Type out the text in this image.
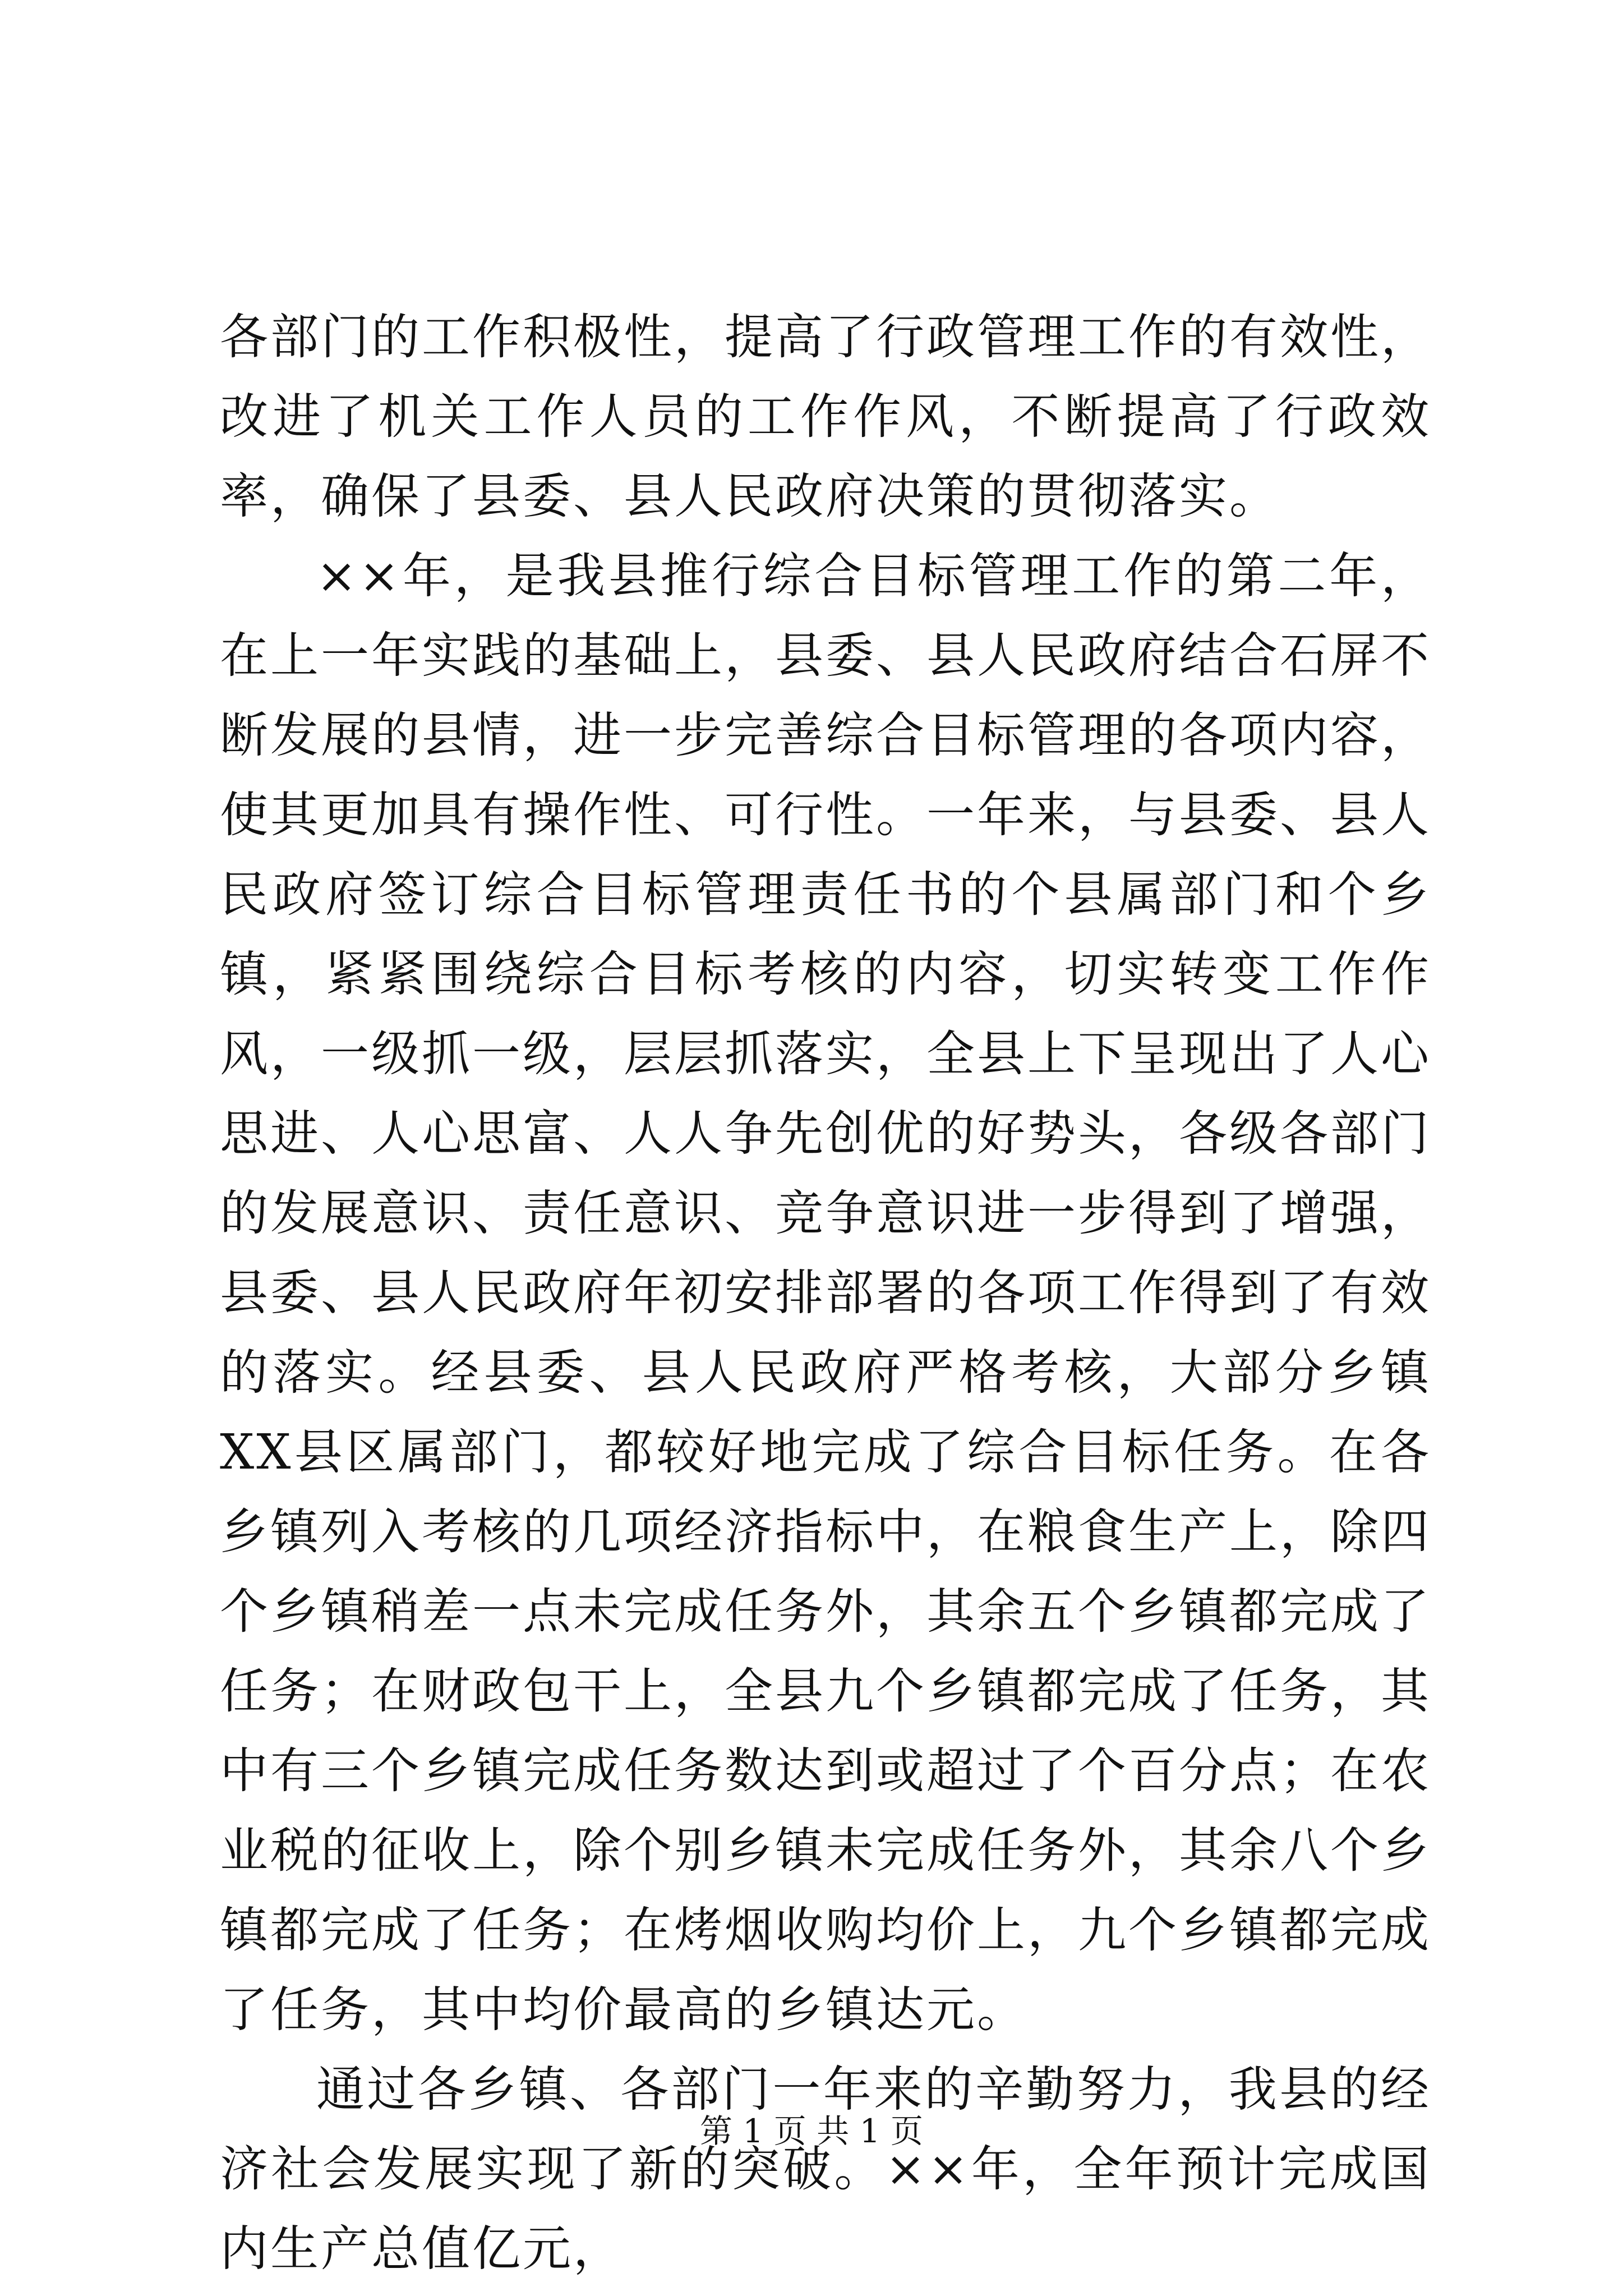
各部门的工作积极性，提高了行政管理工作的有效性，改进了机关工作人员的工作作风，不断提高了行政效率，确保了县委、县人民政府决策的贯彻落实。

××年，是我县推行综合目标管理工作的第二年，在上一年实践的基础上，县委、县人民政府结合石屏不断发展的县情，进一步完善综合目标管理的各项内容，使其更加具有操作性、可行性。一年来，与县委、县人民政府签订综合目标管理责任书的个县属部门和个乡镇，紧紧围绕综合目标考核的内容，切实转变工作作风，一级抓一级，层层抓落实，全县上下呈现出了人心思进、人心思富、人人争先创优的好势头，各级各部门的发展意识、责任意识、竞争意识进一步得到了增强，县委、县人民政府年初安排部署的各项工作得到了有效的落实。经县委、县人民政府严格考核，大部分乡镇XX县区属部门，都较好地完成了综合目标任务。在各乡镇列入考核的几项经济指标中，在粮食生产上，除四个乡镇稍差一点未完成任务外，其余五个乡镇都完成了任务；在财政包干上，全县九个乡镇都完成了任务，其中有三个乡镇完成任务数达到或超过了个百分点；在农业税的征收上，除个别乡镇未完成任务外，其余八个乡镇都完成了任务；在烤烟收购均价上，九个乡镇都完成了任务，其中均价最高的乡镇达元。

通过各乡镇、各部门一年来的辛勤努力，我县的经济社会发展实现了新的突破。××年，全年预计完成国内生产总值亿元，

第 1 页 共 1 页
